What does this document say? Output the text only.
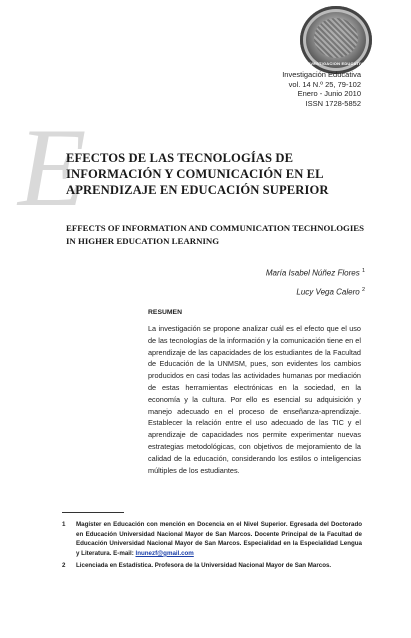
INVESTIGACION EDUCATIVA
Investigación Educativa
vol. 14 N.º 25, 79-102
Enero - Junio 2010
ISSN 1728-5852
E
EFECTOS DE LAS TECNOLOGÍAS DE INFORMACIÓN Y COMUNICACIÓN EN EL APRENDIZAJE EN EDUCACIÓN SUPERIOR
EFFECTS OF INFORMATION AND COMMUNICATION TECHNOLOGIES IN HIGHER EDUCATION LEARNING
María Isabel Núñez Flores $^1$
Lucy Vega Calero $^2$
RESUMEN
La investigación se propone analizar cuál es el efecto que el uso de las tecnologías de la información y la comunicación tiene en el aprendizaje de las capacidades de los estudiantes de la Facultad de Educación de la UNMSM, pues, son evidentes los cambios producidos en casi todas las actividades humanas por mediación de estas herramientas electrónicas en la sociedad, en la economía y la cultura. Por ello es esencial su adquisición y manejo adecuado en el proceso de enseñanza-aprendizaje. Establecer la relación entre el uso adecuado de las TIC y el aprendizaje de capacidades nos permite experimentar nuevas estrategias metodológicas, con objetivos de mejoramiento de la calidad de la educación, considerando los estilos o inteligencias múltiples de los estudiantes.
1 Magíster en Educación con mención en Docencia en el Nivel Superior. Egresada del Doctorado en Educación Universidad Nacional Mayor de San Marcos. Docente Principal de la Facultad de Educación Universidad Nacional Mayor de San Marcos. Especialidad en la Especialidad Lengua y Literatura. E-mail: lnunezf@gmail.com
2 Licenciada en Estadística. Profesora de la Universidad Nacional Mayor de San Marcos.
